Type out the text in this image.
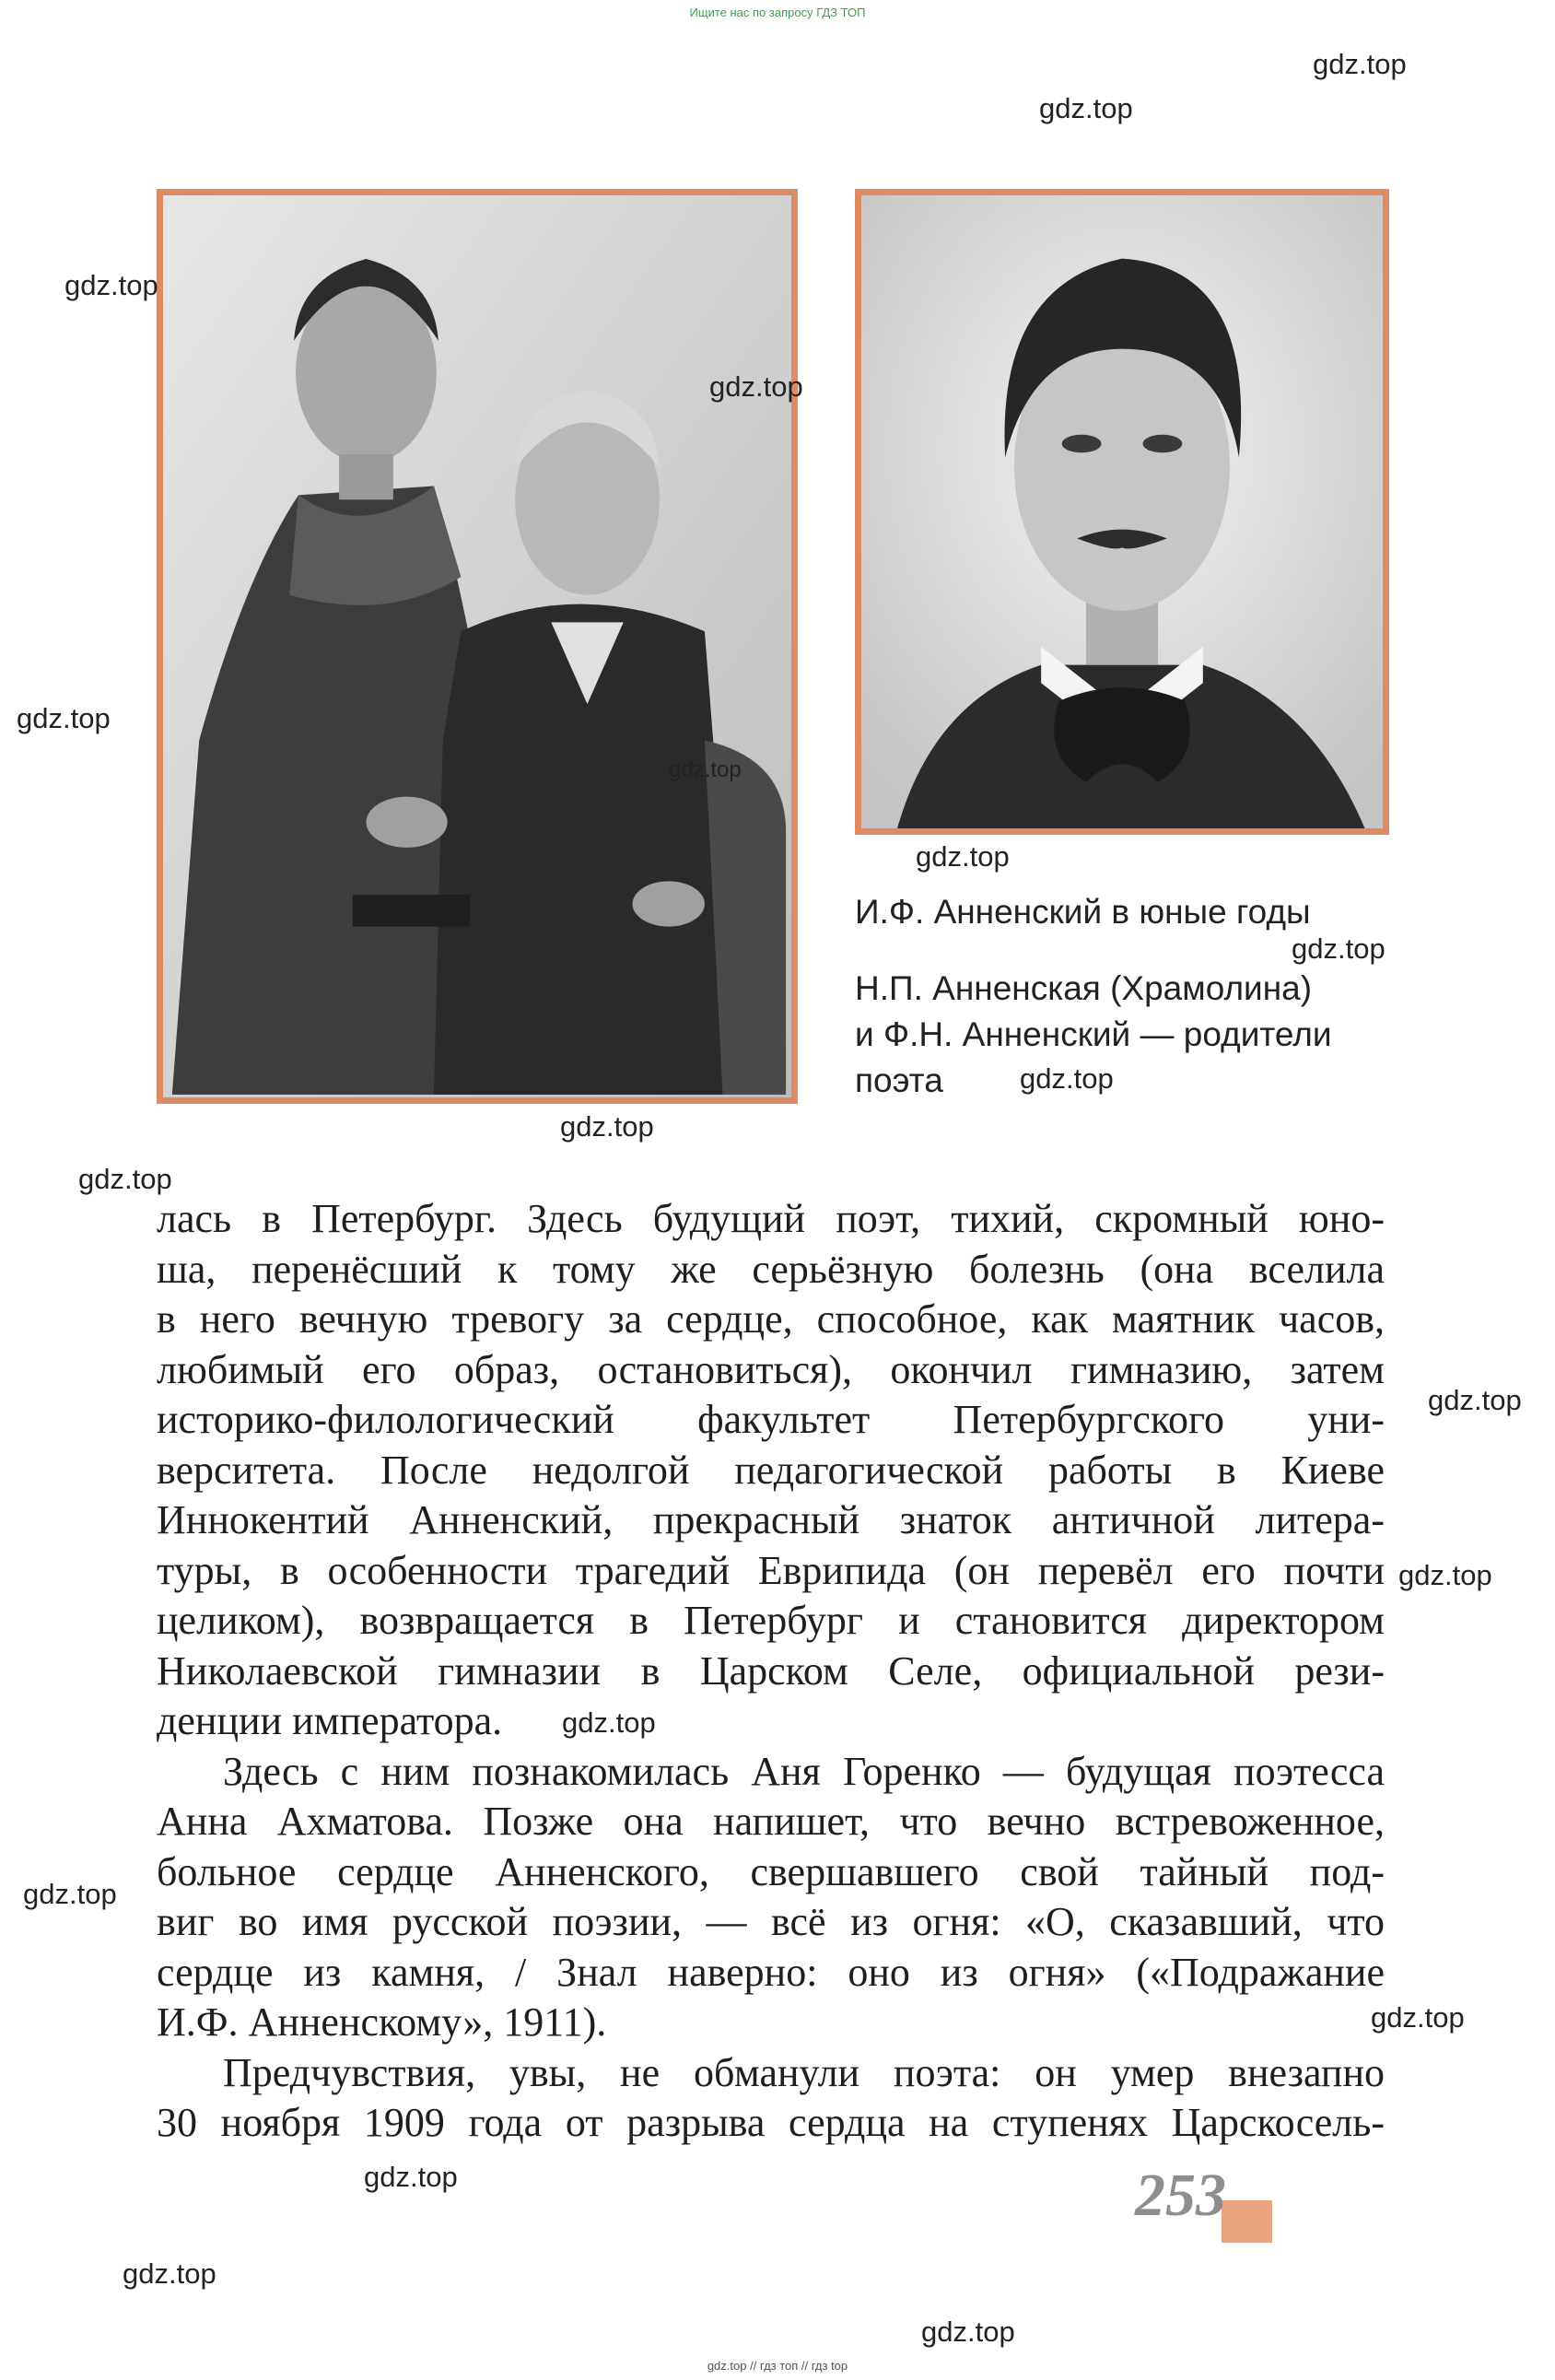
Ищите нас по запросу ГДЗ ТОП
И.Ф. Анненский в юные годы
Н.П. Анненская (Храмолина)
и Ф.Н. Анненский — родители
поэта
лась в Петербург. Здесь будущий поэт, тихий, скромный юно-
ша, перенёсший к тому же серьёзную болезнь (она вселила
в него вечную тревогу за сердце, способное, как маятник часов,
любимый его образ, остановиться), окончил гимназию, затем
историко-филологический факультет Петербургского уни-
верситета. После недолгой педагогической работы в Киеве
Иннокентий Анненский, прекрасный знаток античной литера-
туры, в особенности трагедий Еврипида (он перевёл его почти
целиком), возвращается в Петербург и становится директором
Николаевской гимназии в Царском Селе, официальной рези-
денции императора.
Здесь с ним познакомилась Аня Горенко — будущая поэтесса
Анна Ахматова. Позже она напишет, что вечно встревоженное,
больное сердце Анненского, свершавшего свой тайный под-
виг во имя русской поэзии, — всё из огня: «О, сказавший, что
сердце из камня, / Знал наверно: оно из огня» («Подражание
И.Ф. Анненскому», 1911).
Предчувствия, увы, не обманули поэта: он умер внезапно
30 ноября 1909 года от разрыва сердца на ступенях Царскосель-
253
gdz.top
gdz.top
gdz.top
gdz.top
gdz.top
gdz.top
gdz.top
gdz.top
gdz.top
gdz.top
gdz.top
gdz.top
gdz.top
gdz.top
gdz.top
gdz.top
gdz.top
gdz.top
gdz.top
gdz.top // гдз топ // гдз top
